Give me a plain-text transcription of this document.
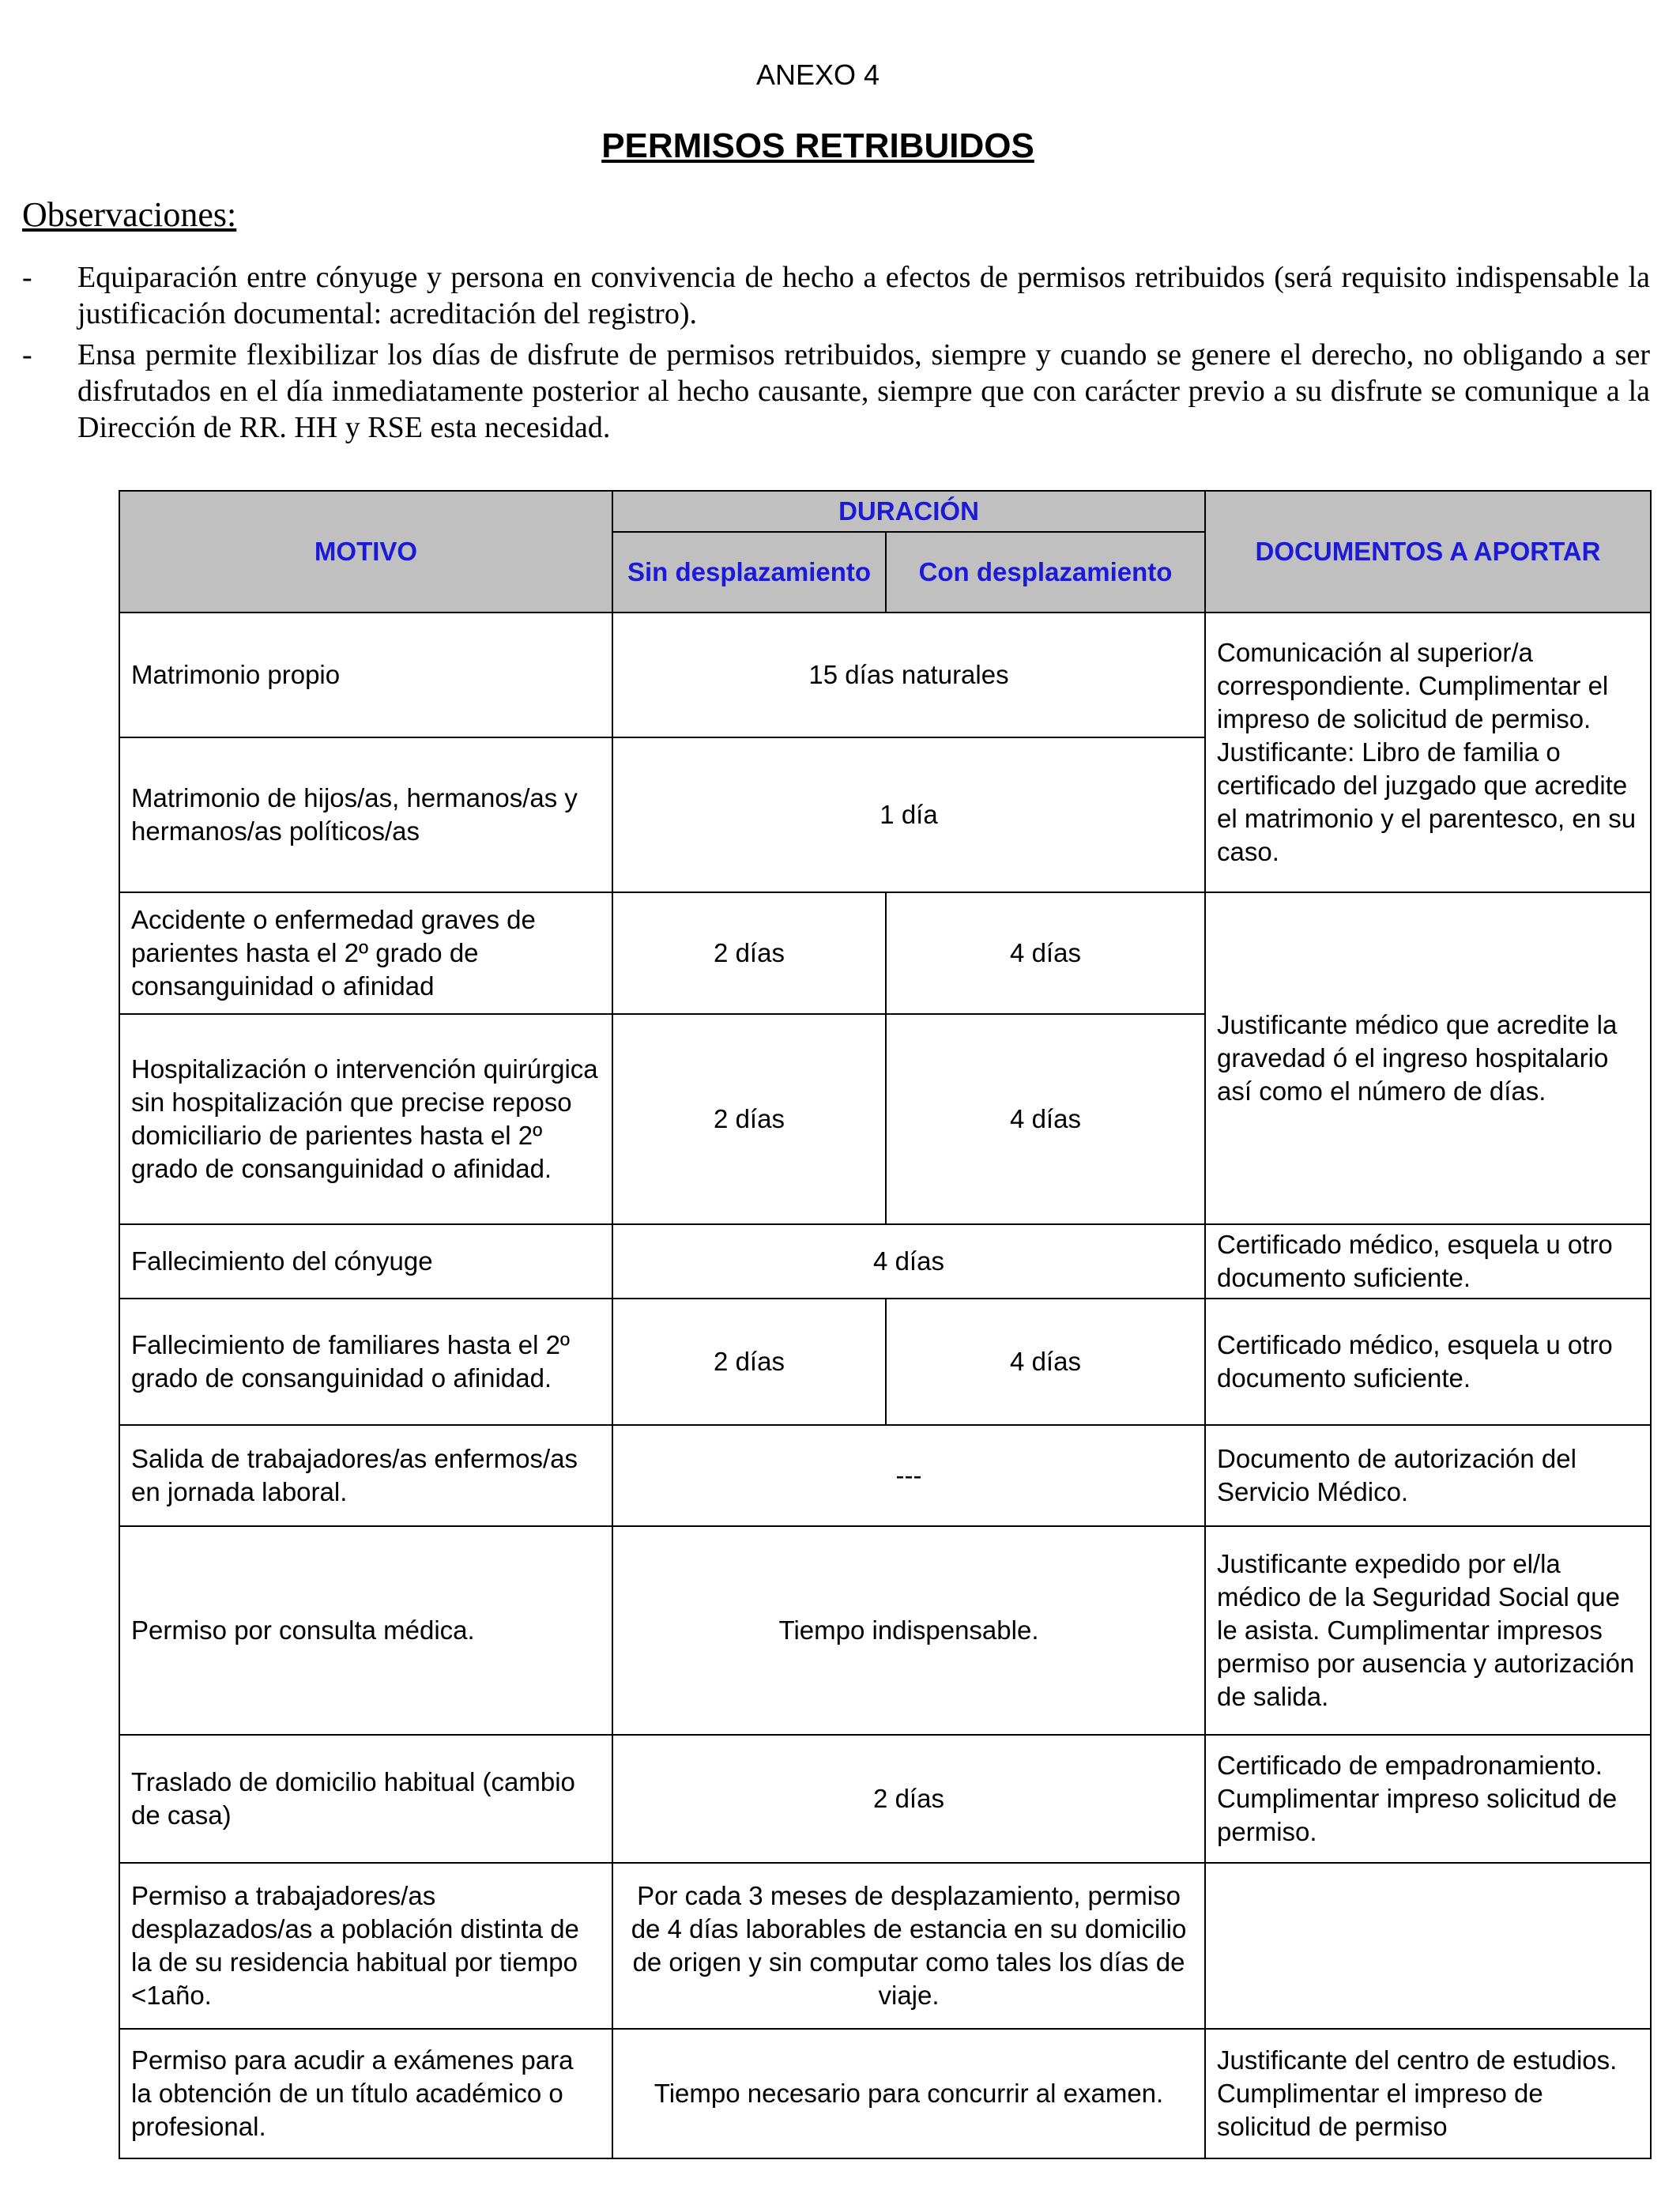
ANEXO 4
PERMISOS RETRIBUIDOS
Observaciones:
- Equiparación entre cónyuge y persona en convivencia de hecho a efectos de permisos retribuidos (será requisito indispensable la justificación documental: acreditación del registro).
- Ensa permite flexibilizar los días de disfrute de permisos retribuidos, siempre y cuando se genere el derecho, no obligando a ser disfrutados en el día inmediatamente posterior al hecho causante, siempre que con carácter previo a su disfrute se comunique a la Dirección de RR. HH y RSE esta necesidad.
MOTIVO	DURACIÓN		DOCUMENTOS A APORTAR
	Sin desplazamiento	Con desplazamiento	
Matrimonio propio	15 días naturales		Comunicación al superior/a correspondiente. Cumplimentar el impreso de solicitud de permiso. Justificante: Libro de familia o certificado del juzgado que acredite el matrimonio y el parentesco, en su caso.
Matrimonio de hijos/as, hermanos/as y hermanos/as políticos/as	1 día		
Accidente o enfermedad graves de parientes hasta el 2º grado de consanguinidad o afinidad	2 días	4 días	Justificante médico que acredite la gravedad ó el ingreso hospitalario así como el número de días.
Hospitalización o intervención quirúrgica sin hospitalización que precise reposo domiciliario de parientes hasta el 2º grado de consanguinidad o afinidad.	2 días	4 días	
Fallecimiento del cónyuge	4 días		Certificado médico, esquela u otro documento suficiente.
Fallecimiento de familiares hasta el 2º grado de consanguinidad o afinidad.	2 días	4 días	Certificado médico, esquela u otro documento suficiente.
Salida de trabajadores/as enfermos/as en jornada laboral.	---		Documento de autorización del Servicio Médico.
Permiso por consulta médica.	Tiempo indispensable.		Justificante expedido por el/la médico de la Seguridad Social que le asista. Cumplimentar impresos permiso por ausencia y autorización de salida.
Traslado de domicilio habitual (cambio de casa)	2 días		Certificado de empadronamiento. Cumplimentar impreso solicitud de permiso.
Permiso a trabajadores/as desplazados/as a población distinta de la de su residencia habitual por tiempo <1año.	Por cada 3 meses de desplazamiento, permiso de 4 días laborables de estancia en su domicilio de origen y sin computar como tales los días de viaje.		
Permiso para acudir a exámenes para la obtención de un título académico o profesional.	Tiempo necesario para concurrir al examen.		Justificante del centro de estudios. Cumplimentar el impreso de solicitud de permiso
